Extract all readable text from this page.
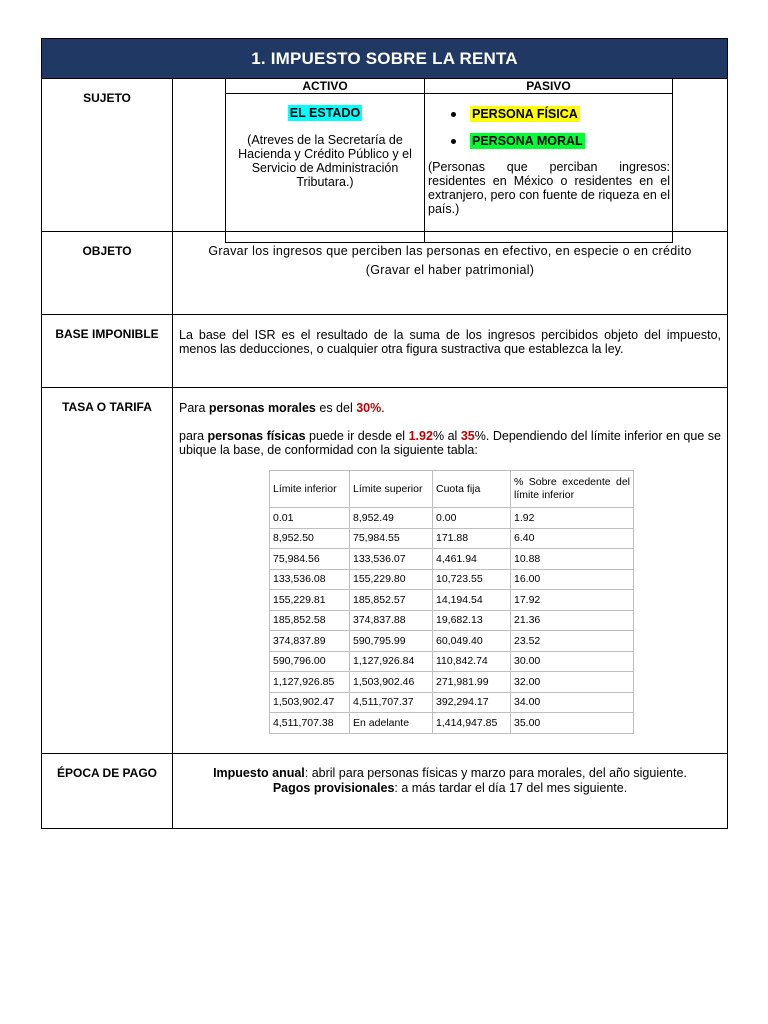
1. IMPUESTO SOBRE LA RENTA
SUJETO	
ACTIVO	PASIVO

EL ESTADO
(Atreves de la Secretaría de Hacienda y Crédito Público y el Servicio de Administración Tributara.)

PERSONA FÍSICA
PERSONA MORAL
(Personas que perciban ingresos: residentes en México o residentes en el extranjero, pero con fuente de riqueza en el país.)

OBJETO	Gravar los ingresos que perciben las personas en efectivo, en especie o en crédito
(Gravar el haber patrimonial)

BASE IMPONIBLE	La base del ISR es el resultado de la suma de los ingresos percibidos objeto del impuesto, menos las deducciones, o cualquier otra figura sustractiva que establezca la ley.
TASA O TARIFA	Para personas morales es del 30%.
para personas físicas puede ir desde el 1.92% al 35%. Dependiendo del límite inferior en que se ubique la base, de conformidad con la siguiente tabla:
Límite inferior	Límite superior	Cuota fija	% Sobre excedente del límite inferior
0.01	8,952.49	0.00	1.92
8,952.50	75,984.55	171.88	6.40
75,984.56	133,536.07	4,461.94	10.88
133,536.08	155,229.80	10,723.55	16.00
155,229.81	185,852.57	14,194.54	17.92
185,852.58	374,837.88	19,682.13	21.36
374,837.89	590,795.99	60,049.40	23.52
590,796.00	1,127,926.84	110,842.74	30.00
1,127,926.85	1,503,902.46	271,981.99	32.00
1,503,902.47	4,511,707.37	392,294.17	34.00
4,511,707.38	En adelante	1,414,947.85	35.00

ÉPOCA DE PAGO	Impuesto anual: abril para personas físicas y marzo para morales, del año siguiente.
Pagos provisionales: a más tardar el día 17 del mes siguiente.
